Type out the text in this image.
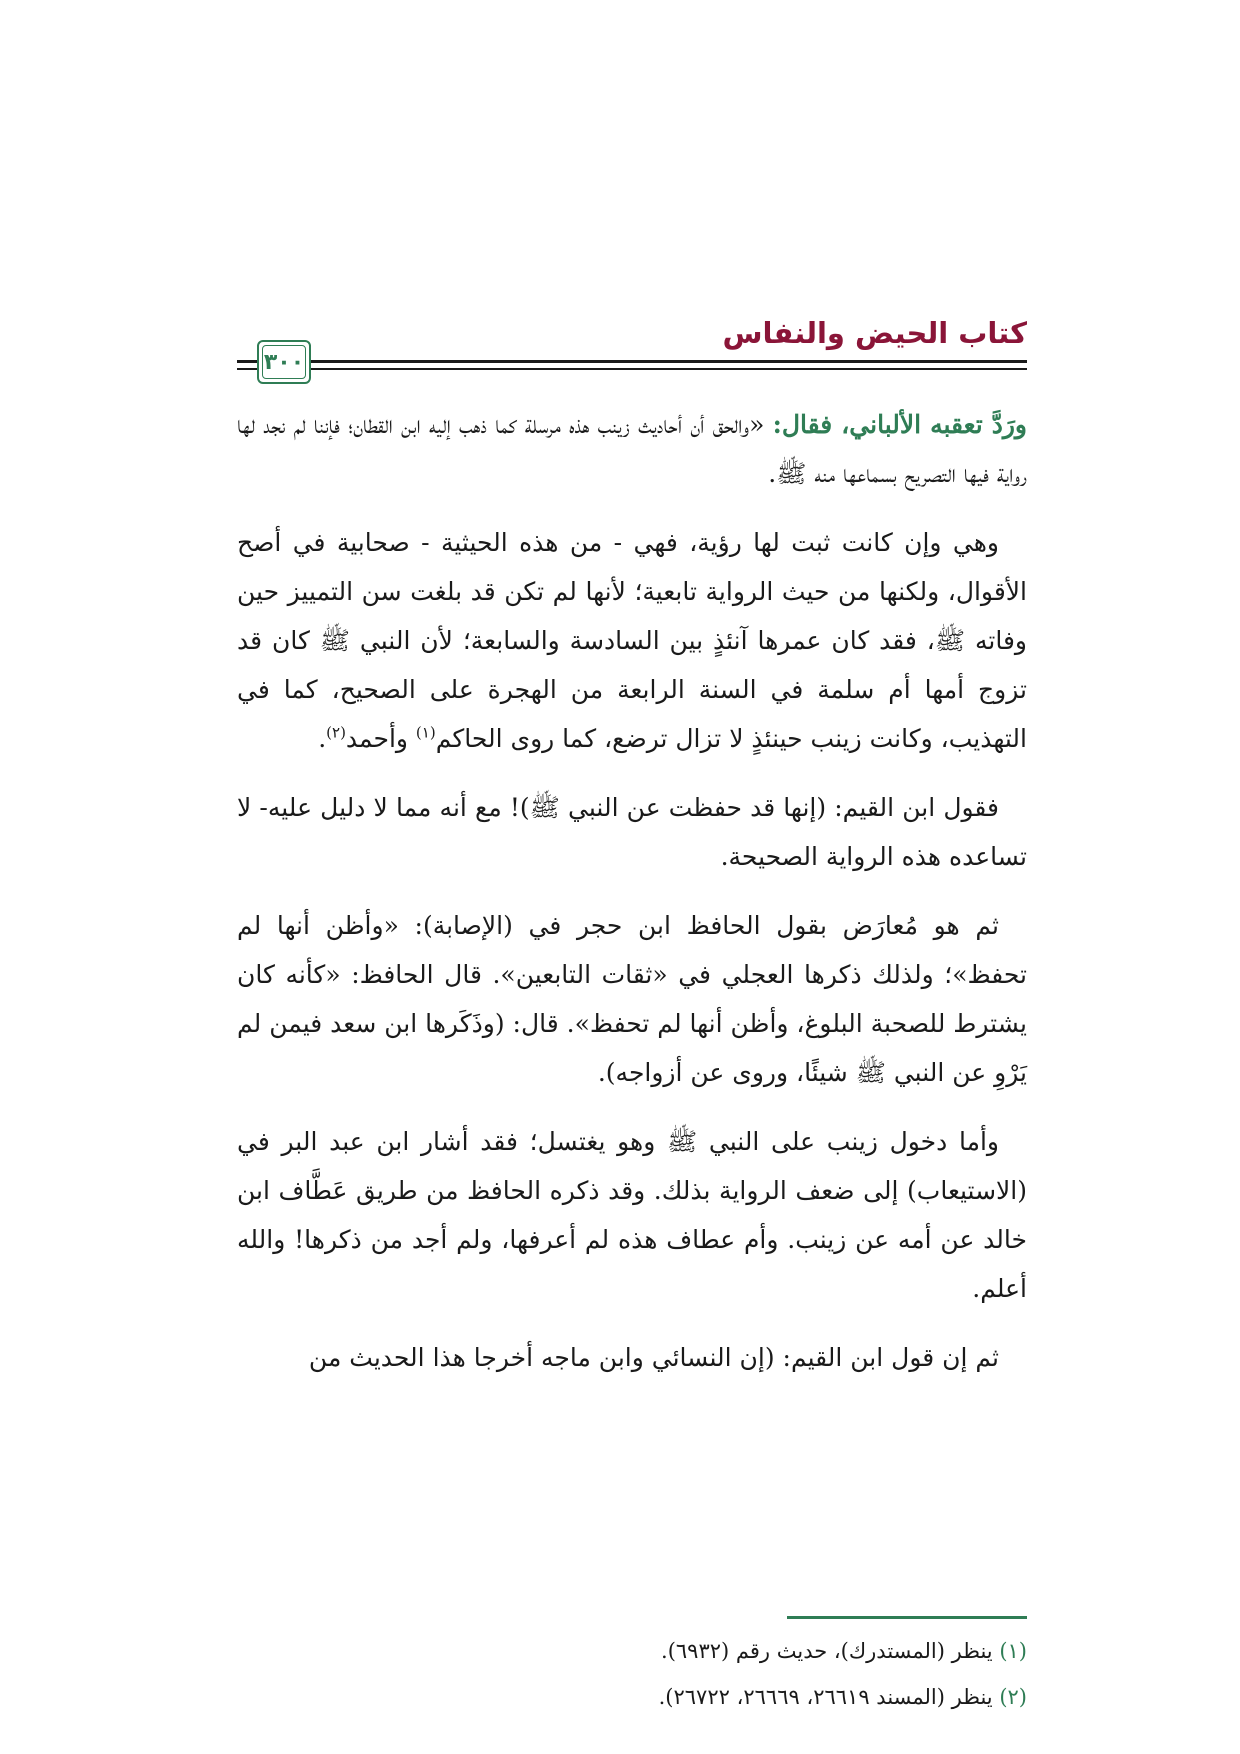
كتاب الحيض والنفاس
٣٠٠

ورَدَّ تعقبه الألباني، فقال: «والحق أن أحاديث زينب هذه مرسلة كما ذهب إليه ابن القطان؛ فإننا لم نجد لها رواية فيها التصريح بسماعها منه ﷺ.

وهي وإن كانت ثبت لها رؤية، فهي - من هذه الحيثية - صحابية في أصح الأقوال، ولكنها من حيث الرواية تابعية؛ لأنها لم تكن قد بلغت سن التمييز حين وفاته ﷺ، فقد كان عمرها آنئذٍ بين السادسة والسابعة؛ لأن النبي ﷺ كان قد تزوج أمها أم سلمة في السنة الرابعة من الهجرة على الصحيح، كما في التهذيب، وكانت زينب حينئذٍ لا تزال ترضع، كما روى الحاكم$^{(١)}$ وأحمد$^{(٢)}$.

فقول ابن القيم: (إنها قد حفظت عن النبي ﷺ)! مع أنه مما لا دليل عليه- لا تساعده هذه الرواية الصحيحة.

ثم هو مُعارَض بقول الحافظ ابن حجر في (الإصابة): «وأظن أنها لم تحفظ»؛ ولذلك ذكرها العجلي في «ثقات التابعين». قال الحافظ: «كأنه كان يشترط للصحبة البلوغ، وأظن أنها لم تحفظ». قال: (وذَكَرها ابن سعد فيمن لم يَرْوِ عن النبي ﷺ شيئًا، وروى عن أزواجه).

وأما دخول زينب على النبي ﷺ وهو يغتسل؛ فقد أشار ابن عبد البر في (الاستيعاب) إلى ضعف الرواية بذلك. وقد ذكره الحافظ من طريق عَطَّاف ابن خالد عن أمه عن زينب. وأم عطاف هذه لم أعرفها، ولم أجد من ذكرها! والله أعلم.

ثم إن قول ابن القيم: (إن النسائي وابن ماجه أخرجا هذا الحديث من

(١) ينظر (المستدرك)، حديث رقم (٦٩٣٢).
(٢) ينظر (المسند ٢٦٦١٩، ٢٦٦٦٩، ٢٦٧٢٢).
